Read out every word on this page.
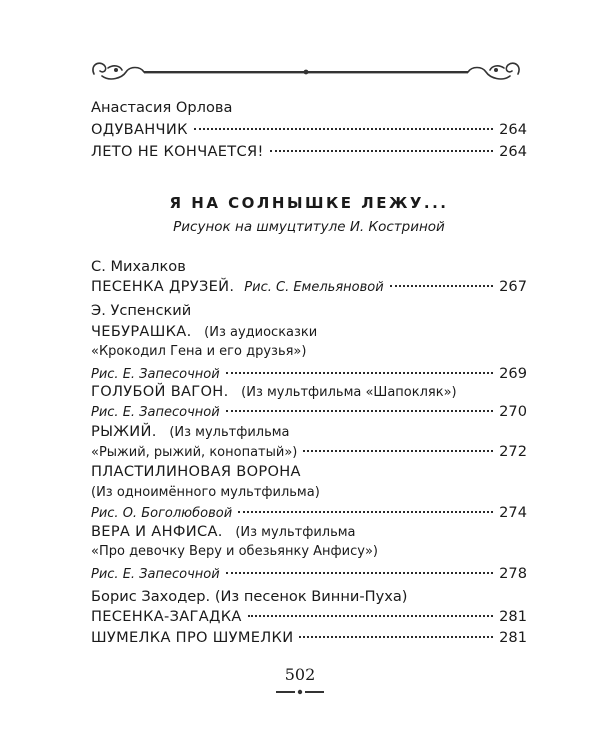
Анастасия Орлова
ОДУВАНЧИК	264
ЛЕТО НЕ КОНЧАЕТСЯ!	264
Я НА СОЛНЫШКЕ ЛЕЖУ...
Рисунок на шмуцтитуле И. Костриной
С. Михалков
ПЕСЕНКА ДРУЗЕЙ. Рис. С. Емельяновой	267
Э. Успенский
ЧЕБУРАШКА. (Из аудиосказки
«Крокодил Гена и его друзья»)
Рис. Е. Запесочной	269
ГОЛУБОЙ ВАГОН. (Из мультфильма «Шапокляк»)
Рис. Е. Запесочной	270
РЫЖИЙ. (Из мультфильма
«Рыжий, рыжий, конопатый»)	272
ПЛАСТИЛИНОВАЯ ВОРОНА
(Из одноимённого мультфильма)
Рис. О. Боголюбовой	274
ВЕРА И АНФИСА. (Из мультфильма
«Про девочку Веру и обезьянку Анфису»)
Рис. Е. Запесочной	278
Борис Заходер. (Из песенок Винни-Пуха)
ПЕСЕНКА-ЗАГАДКА	281
ШУМЕЛКА ПРО ШУМЕЛКИ	281
502
